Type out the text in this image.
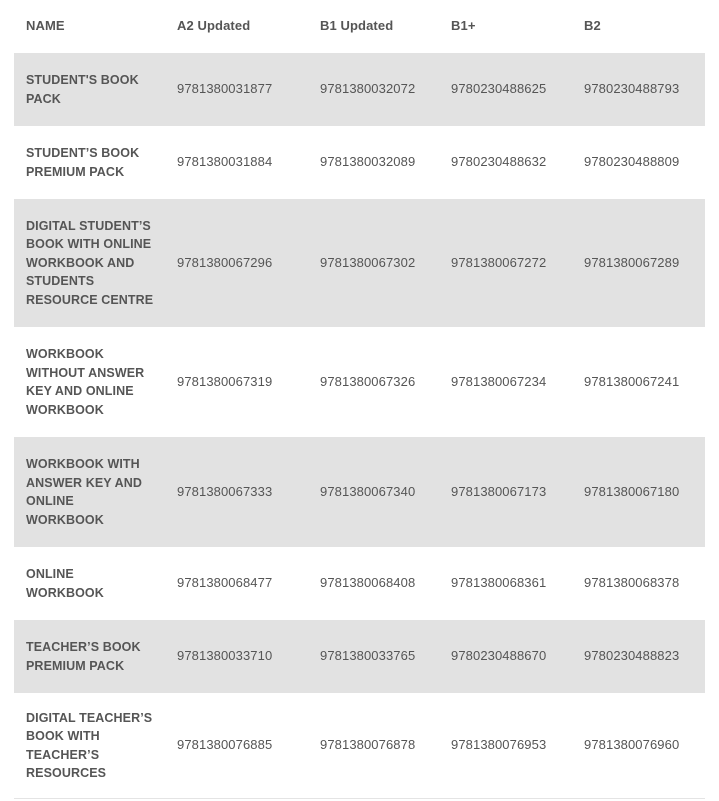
NAME	A2 Updated	B1 Updated	B1+	B2
STUDENT'S BOOK
PACK
9781380031877	9781380032072	9780230488625	9780230488793
STUDENT’S BOOK
PREMIUM PACK
9781380031884	9781380032089	9780230488632	9780230488809
DIGITAL STUDENT’S
BOOK WITH ONLINE
WORKBOOK AND
STUDENTS
RESOURCE CENTRE
9781380067296	9781380067302	9781380067272	9781380067289
WORKBOOK
WITHOUT ANSWER
KEY AND ONLINE
WORKBOOK
9781380067319	9781380067326	9781380067234	9781380067241
WORKBOOK WITH
ANSWER KEY AND
ONLINE
WORKBOOK
9781380067333	9781380067340	9781380067173	9781380067180
ONLINE
WORKBOOK
9781380068477	9781380068408	9781380068361	9781380068378
TEACHER’S BOOK
PREMIUM PACK
9781380033710	9781380033765	9780230488670	9780230488823
DIGITAL TEACHER’S
BOOK WITH
TEACHER’S
RESOURCES
9781380076885	9781380076878	9781380076953	9781380076960
